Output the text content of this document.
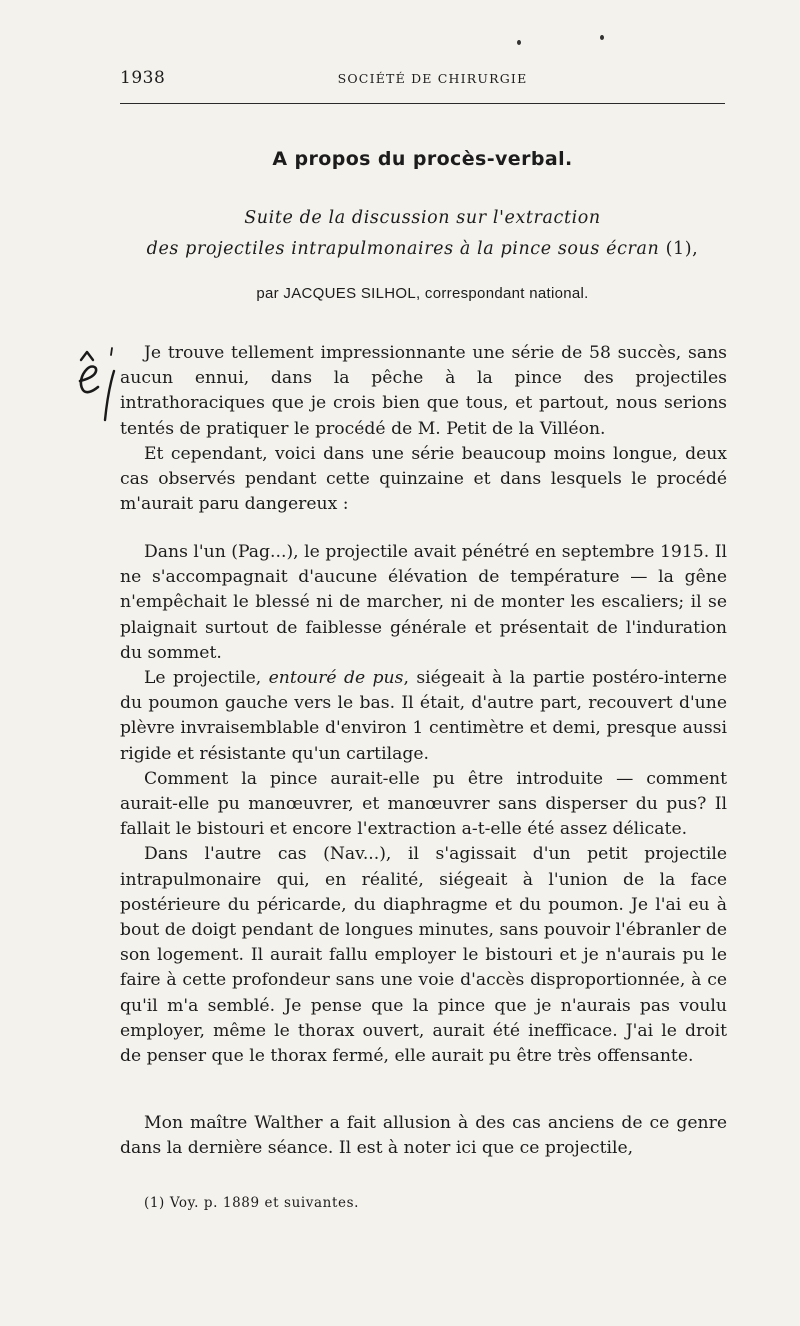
1938	SOCIÉTÉ DE CHIRURGIE
A propos du procès-verbal.
Suite de la discussion sur l'extraction
des projectiles intrapulmonaires à la pince sous écran (1),
par JACQUES SILHOL, correspondant national.

Je trouve tellement impressionnante une série de 58 succès, sans aucun ennui, dans la pêche à la pince des projectiles intrathoraciques que je crois bien que tous, et partout, nous serions tentés de pratiquer le procédé de M. Petit de la Villéon.

Et cependant, voici dans une série beaucoup moins longue, deux cas observés pendant cette quinzaine et dans lesquels le procédé m'aurait paru dangereux :

Dans l'un (Pag...), le projectile avait pénétré en septembre 1915. Il ne s'accompagnait d'aucune élévation de température — la gêne n'empêchait le blessé ni de marcher, ni de monter les escaliers; il se plaignait surtout de faiblesse générale et présentait de l'induration du sommet.

Le projectile, entouré de pus, siégeait à la partie postéro-interne du poumon gauche vers le bas. Il était, d'autre part, recouvert d'une plèvre invraisemblable d'environ 1 centimètre et demi, presque aussi rigide et résistante qu'un cartilage.

Comment la pince aurait-elle pu être introduite — comment aurait-elle pu manœuvrer, et manœuvrer sans disperser du pus? Il fallait le bistouri et encore l'extraction a-t-elle été assez délicate.

Dans l'autre cas (Nav...), il s'agissait d'un petit projectile intrapulmonaire qui, en réalité, siégeait à l'union de la face postérieure du péricarde, du diaphragme et du poumon. Je l'ai eu à bout de doigt pendant de longues minutes, sans pouvoir l'ébranler de son logement. Il aurait fallu employer le bistouri et je n'aurais pu le faire à cette profondeur sans une voie d'accès disproportionnée, à ce qu'il m'a semblé. Je pense que la pince que je n'aurais pas voulu employer, même le thorax ouvert, aurait été inefficace. J'ai le droit de penser que le thorax fermé, elle aurait pu être très offensante.

Mon maître Walther a fait allusion à des cas anciens de ce genre dans la dernière séance. Il est à noter ici que ce projectile,

(1) Voy. p. 1889 et suivantes.
